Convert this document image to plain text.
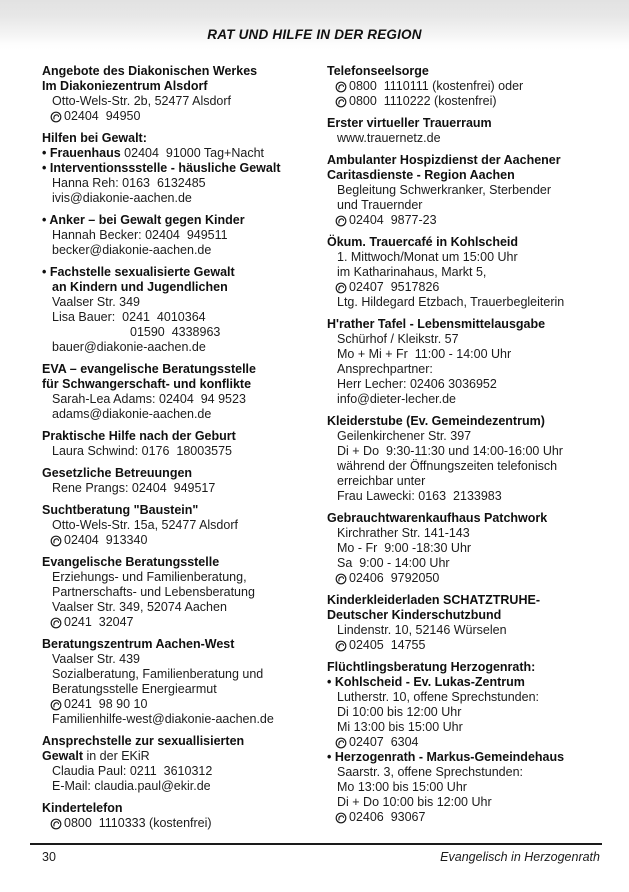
RAT UND HILFE IN DER REGION
Angebote des Diakonischen Werkes
Im Diakoniezentrum Alsdorf
Otto-Wels-Str. 2b, 52477 Alsdorf
02404  94950
Hilfen bei Gewalt:
• Frauenhaus 02404  91000 Tag+Nacht
• Interventionssstelle - häusliche Gewalt
Hanna Reh: 0163  6132485
ivis@diakonie-aachen.de
• Anker – bei Gewalt gegen Kinder
Hannah Becker: 02404  949511
becker@diakonie-aachen.de
• Fachstelle sexualisierte Gewalt
an Kindern und Jugendlichen
Vaalser Str. 349
Lisa Bauer:  0241  4010364
01590  4338963
bauer@diakonie-aachen.de
EVA – evangelische Beratungsstelle
für Schwangerschaft- und konflikte
Sarah-Lea Adams: 02404  94 9523
adams@diakonie-aachen.de
Praktische Hilfe nach der Geburt
Laura Schwind: 0176  18003575
Gesetzliche Betreuungen
Rene Prangs: 02404  949517
Suchtberatung "Baustein"
Otto-Wels-Str. 15a, 52477 Alsdorf
02404  913340
Evangelische Beratungsstelle
Erziehungs- und Familienberatung,
Partnerschafts- und Lebensberatung
Vaalser Str. 349, 52074 Aachen
0241  32047
Beratungszentrum Aachen-West
Vaalser Str. 439
Sozialberatung, Familienberatung und
Beratungsstelle Energiearmut
0241  98 90 10
Familienhilfe-west@diakonie-aachen.de
Ansprechstelle zur sexuallisierten
Gewalt in der EKiR
Claudia Paul: 0211  3610312
E-Mail: claudia.paul@ekir.de
Kindertelefon
0800  1110333 (kostenfrei)
Telefonseelsorge
0800  1110111 (kostenfrei) oder
0800  1110222 (kostenfrei)
Erster virtueller Trauerraum
www.trauernetz.de
Ambulanter Hospizdienst der Aachener
Caritasdienste - Region Aachen
Begleitung Schwerkranker, Sterbender
und Trauernder
02404  9877-23
Ökum. Trauercafé in Kohlscheid
1. Mittwoch/Monat um 15:00 Uhr
im Katharinahaus, Markt 5,
02407  9517826
Ltg. Hildegard Etzbach, Trauerbegleiterin
H'rather Tafel - Lebensmittelausgabe
Schürhof / Kleikstr. 57
Mo + Mi + Fr  11:00 - 14:00 Uhr
Ansprechpartner:
Herr Lecher: 02406 3036952
info@dieter-lecher.de
Kleiderstube (Ev. Gemeindezentrum)
Geilenkirchener Str. 397
Di + Do  9:30-11:30 und 14:00-16:00 Uhr
während der Öffnungszeiten telefonisch
erreichbar unter
Frau Lawecki: 0163  2133983
Gebrauchtwarenkaufhaus Patchwork
Kirchrather Str. 141-143
Mo - Fr  9:00 -18:30 Uhr
Sa  9:00 - 14:00 Uhr
02406  9792050
Kinderkleiderladen SCHATZTRUHE-
Deutscher Kinderschutzbund
Lindenstr. 10, 52146 Würselen
02405  14755
Flüchtlingsberatung Herzogenrath:
• Kohlscheid - Ev. Lukas-Zentrum
Lutherstr. 10, offene Sprechstunden:
Di 10:00 bis 12:00 Uhr
Mi 13:00 bis 15:00 Uhr
02407  6304
• Herzogenrath - Markus-Gemeindehaus
Saarstr. 3, offene Sprechstunden:
Mo 13:00 bis 15:00 Uhr
Di + Do 10:00 bis 12:00 Uhr
02406  93067
30	Evangelisch in Herzogenrath
